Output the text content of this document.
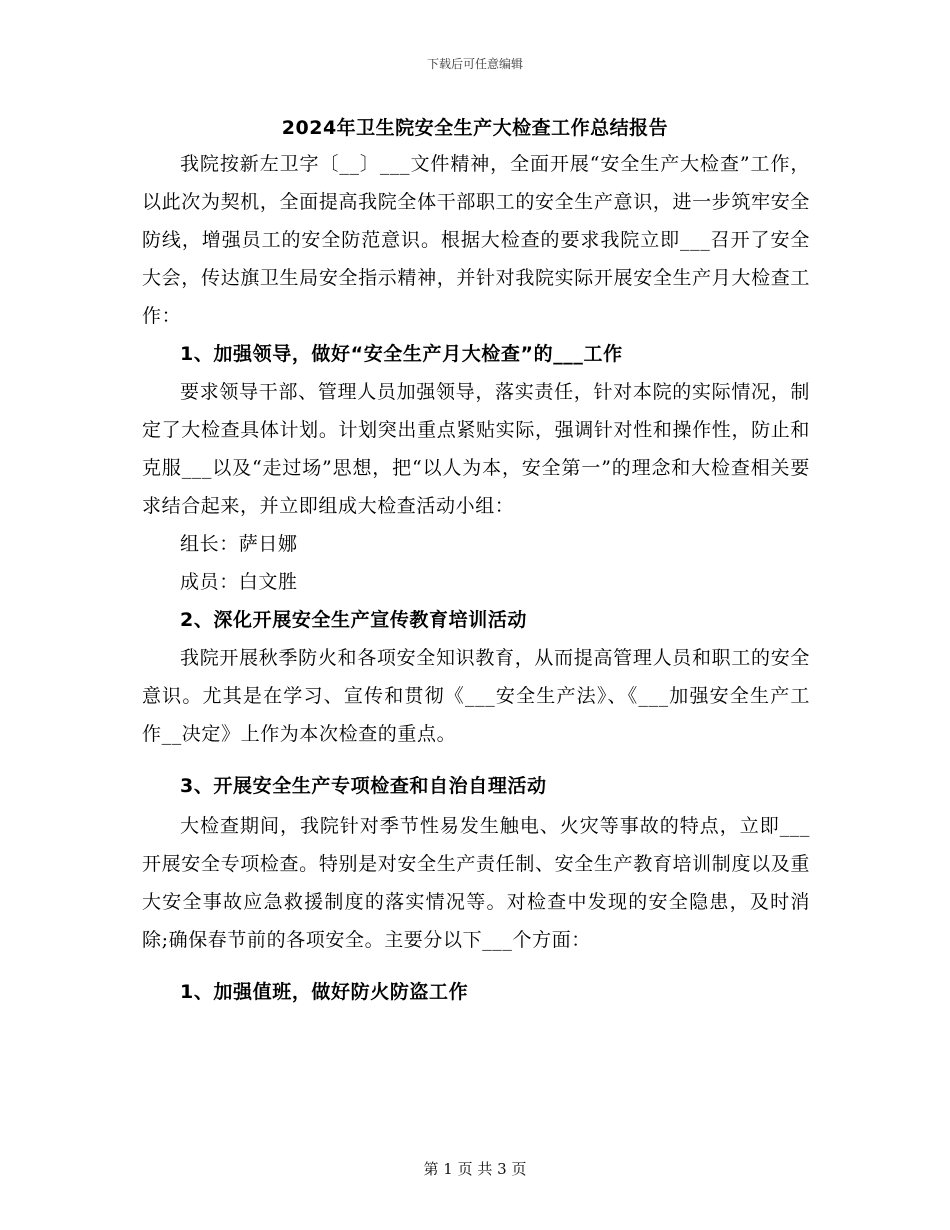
下载后可任意编辑
2024年卫生院安全生产大检查工作总结报告

我院按新左卫字〔__〕___文件精神，全面开展“安全生产大检查”工作，以此次为契机，全面提高我院全体干部职工的安全生产意识，进一步筑牢安全防线，增强员工的安全防范意识。根据大检查的要求我院立即___召开了安全大会，传达旗卫生局安全指示精神，并针对我院实际开展安全生产月大检查工作：

1、加强领导，做好“安全生产月大检查”的___工作

要求领导干部、管理人员加强领导，落实责任，针对本院的实际情况，制定了大检查具体计划。计划突出重点紧贴实际，强调针对性和操作性，防止和克服___以及“走过场”思想，把“以人为本，安全第一”的理念和大检查相关要求结合起来，并立即组成大检查活动小组：

组长：萨日娜

成员：白文胜

2、深化开展安全生产宣传教育培训活动

我院开展秋季防火和各项安全知识教育，从而提高管理人员和职工的安全意识。尤其是在学习、宣传和贯彻《___安全生产法》、《___加强安全生产工作__决定》上作为本次检查的重点。

3、开展安全生产专项检查和自治自理活动

大检查期间，我院针对季节性易发生触电、火灾等事故的特点，立即___开展安全专项检查。特别是对安全生产责任制、安全生产教育培训制度以及重大安全事故应急救援制度的落实情况等。对检查中发现的安全隐患，及时消除;确保春节前的各项安全。主要分以下___个方面：

1、加强值班，做好防火防盗工作
第 1 页 共 3 页
